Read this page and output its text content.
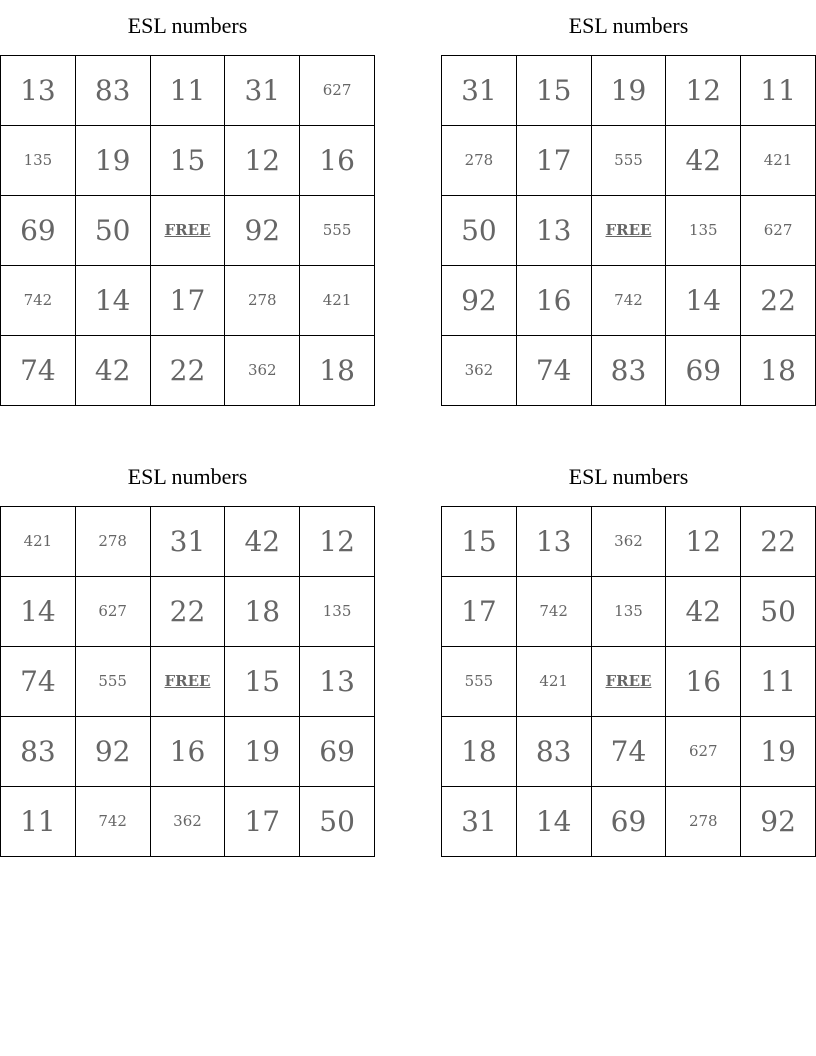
ESL numbers
13	83	11	31	627
135	19	15	12	16
69	50	FREE	92	555
742	14	17	278	421
74	42	22	362	18
ESL numbers
31	15	19	12	11
278	17	555	42	421
50	13	FREE	135	627
92	16	742	14	22
362	74	83	69	18
ESL numbers
421	278	31	42	12
14	627	22	18	135
74	555	FREE	15	13
83	92	16	19	69
11	742	362	17	50
ESL numbers
15	13	362	12	22
17	742	135	42	50
555	421	FREE	16	11
18	83	74	627	19
31	14	69	278	92
